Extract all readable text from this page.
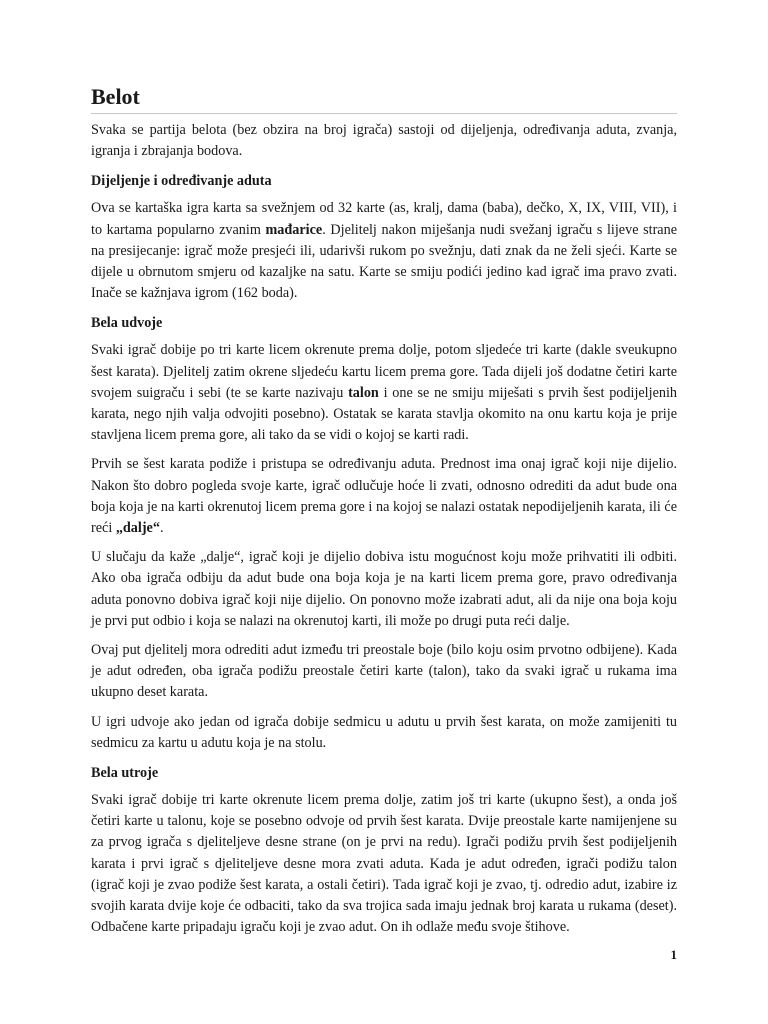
Belot

Svaka se partija belota (bez obzira na broj igrača) sastoji od dijeljenja, određivanja aduta, zvanja, igranja i zbrajanja bodova.

Dijeljenje i određivanje aduta

Ova se kartaška igra karta sa svežnjem od 32 karte (as, kralj, dama (baba), dečko, X, IX, VIII, VII), i to kartama popularno zvanim mađarice. Djelitelj nakon miješanja nudi svežanj igraču s lijeve strane na presijecanje: igrač može presjeći ili, udarivši rukom po svežnju, dati znak da ne želi sjeći. Karte se dijele u obrnutom smjeru od kazaljke na satu. Karte se smiju podići jedino kad igrač ima pravo zvati. Inače se kažnjava igrom (162 boda).

Bela udvoje

Svaki igrač dobije po tri karte licem okrenute prema dolje, potom sljedeće tri karte (dakle sveukupno šest karata). Djelitelj zatim okrene sljedeću kartu licem prema gore. Tada dijeli još dodatne četiri karte svojem suigraču i sebi (te se karte nazivaju talon i one se ne smiju miješati s prvih šest podijeljenih karata, nego njih valja odvojiti posebno). Ostatak se karata stavlja okomito na onu kartu koja je prije stavljena licem prema gore, ali tako da se vidi o kojoj se karti radi.

Prvih se šest karata podiže i pristupa se određivanju aduta. Prednost ima onaj igrač koji nije dijelio. Nakon što dobro pogleda svoje karte, igrač odlučuje hoće li zvati, odnosno odrediti da adut bude ona boja koja je na karti okrenutoj licem prema gore i na kojoj se nalazi ostatak nepodijeljenih karata, ili će reći „dalje“.

U slučaju da kaže „dalje“, igrač koji je dijelio dobiva istu mogućnost koju može prihvatiti ili odbiti. Ako oba igrača odbiju da adut bude ona boja koja je na karti licem prema gore, pravo određivanja aduta ponovno dobiva igrač koji nije dijelio. On ponovno može izabrati adut, ali da nije ona boja koju je prvi put odbio i koja se nalazi na okrenutoj karti, ili može po drugi puta reći dalje.

Ovaj put djelitelj mora odrediti adut između tri preostale boje (bilo koju osim prvotno odbijene). Kada je adut određen, oba igrača podižu preostale četiri karte (talon), tako da svaki igrač u rukama ima ukupno deset karata.

U igri udvoje ako jedan od igrača dobije sedmicu u adutu u prvih šest karata, on može zamijeniti tu sedmicu za kartu u adutu koja je na stolu.

Bela utroje

Svaki igrač dobije tri karte okrenute licem prema dolje, zatim još tri karte (ukupno šest), a onda još četiri karte u talonu, koje se posebno odvoje od prvih šest karata. Dvije preostale karte namijenjene su za prvog igrača s djeliteljeve desne strane (on je prvi na redu). Igrači podižu prvih šest podijeljenih karata i prvi igrač s djeliteljeve desne mora zvati aduta. Kada je adut određen, igrači podižu talon (igrač koji je zvao podiže šest karata, a ostali četiri). Tada igrač koji je zvao, tj. odredio adut, izabire iz svojih karata dvije koje će odbaciti, tako da sva trojica sada imaju jednak broj karata u rukama (deset). Odbačene karte pripadaju igraču koji je zvao adut. On ih odlaže među svoje štihove.

1
